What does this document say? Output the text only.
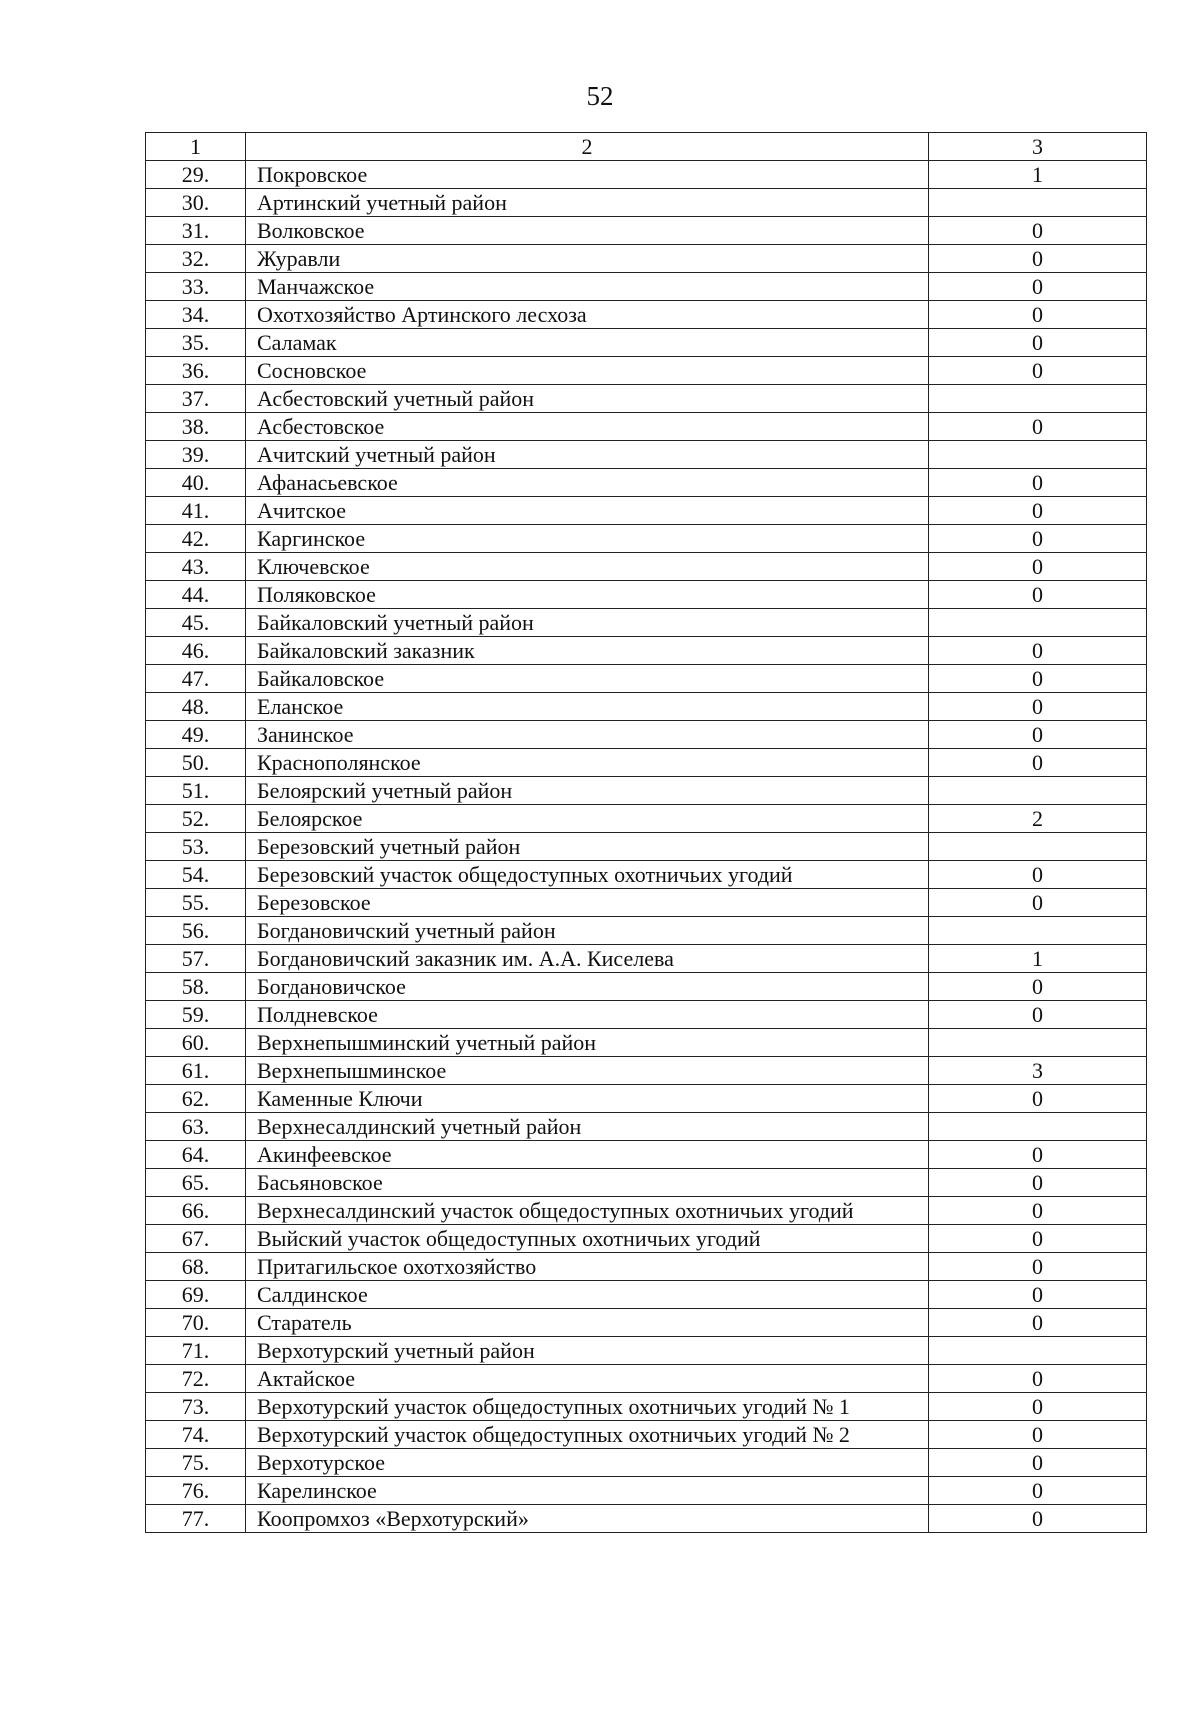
52
1	2	3
29.	Покровское	1
30.	Артинский учетный район	
31.	Волковское	0
32.	Журавли	0
33.	Манчажское	0
34.	Охотхозяйство Артинского лесхоза	0
35.	Саламак	0
36.	Сосновское	0
37.	Асбестовский учетный район	
38.	Асбестовское	0
39.	Ачитский учетный район	
40.	Афанасьевское	0
41.	Ачитское	0
42.	Каргинское	0
43.	Ключевское	0
44.	Поляковское	0
45.	Байкаловский учетный район	
46.	Байкаловский заказник	0
47.	Байкаловское	0
48.	Еланское	0
49.	Занинское	0
50.	Краснополянское	0
51.	Белоярский учетный район	
52.	Белоярское	2
53.	Березовский учетный район	
54.	Березовский участок общедоступных охотничьих угодий	0
55.	Березовское	0
56.	Богдановичский учетный район	
57.	Богдановичский заказник им. А.А. Киселева	1
58.	Богдановичское	0
59.	Полдневское	0
60.	Верхнепышминский учетный район	
61.	Верхнепышминское	3
62.	Каменные Ключи	0
63.	Верхнесалдинский учетный район	
64.	Акинфеевское	0
65.	Басьяновское	0
66.	Верхнесалдинский участок общедоступных охотничьих угодий	0
67.	Выйский участок общедоступных охотничьих угодий	0
68.	Притагильское охотхозяйство	0
69.	Салдинское	0
70.	Старатель	0
71.	Верхотурский учетный район	
72.	Актайское	0
73.	Верхотурский участок общедоступных охотничьих угодий № 1	0
74.	Верхотурский участок общедоступных охотничьих угодий № 2	0
75.	Верхотурское	0
76.	Карелинское	0
77.	Коопромхоз «Верхотурский»	0
